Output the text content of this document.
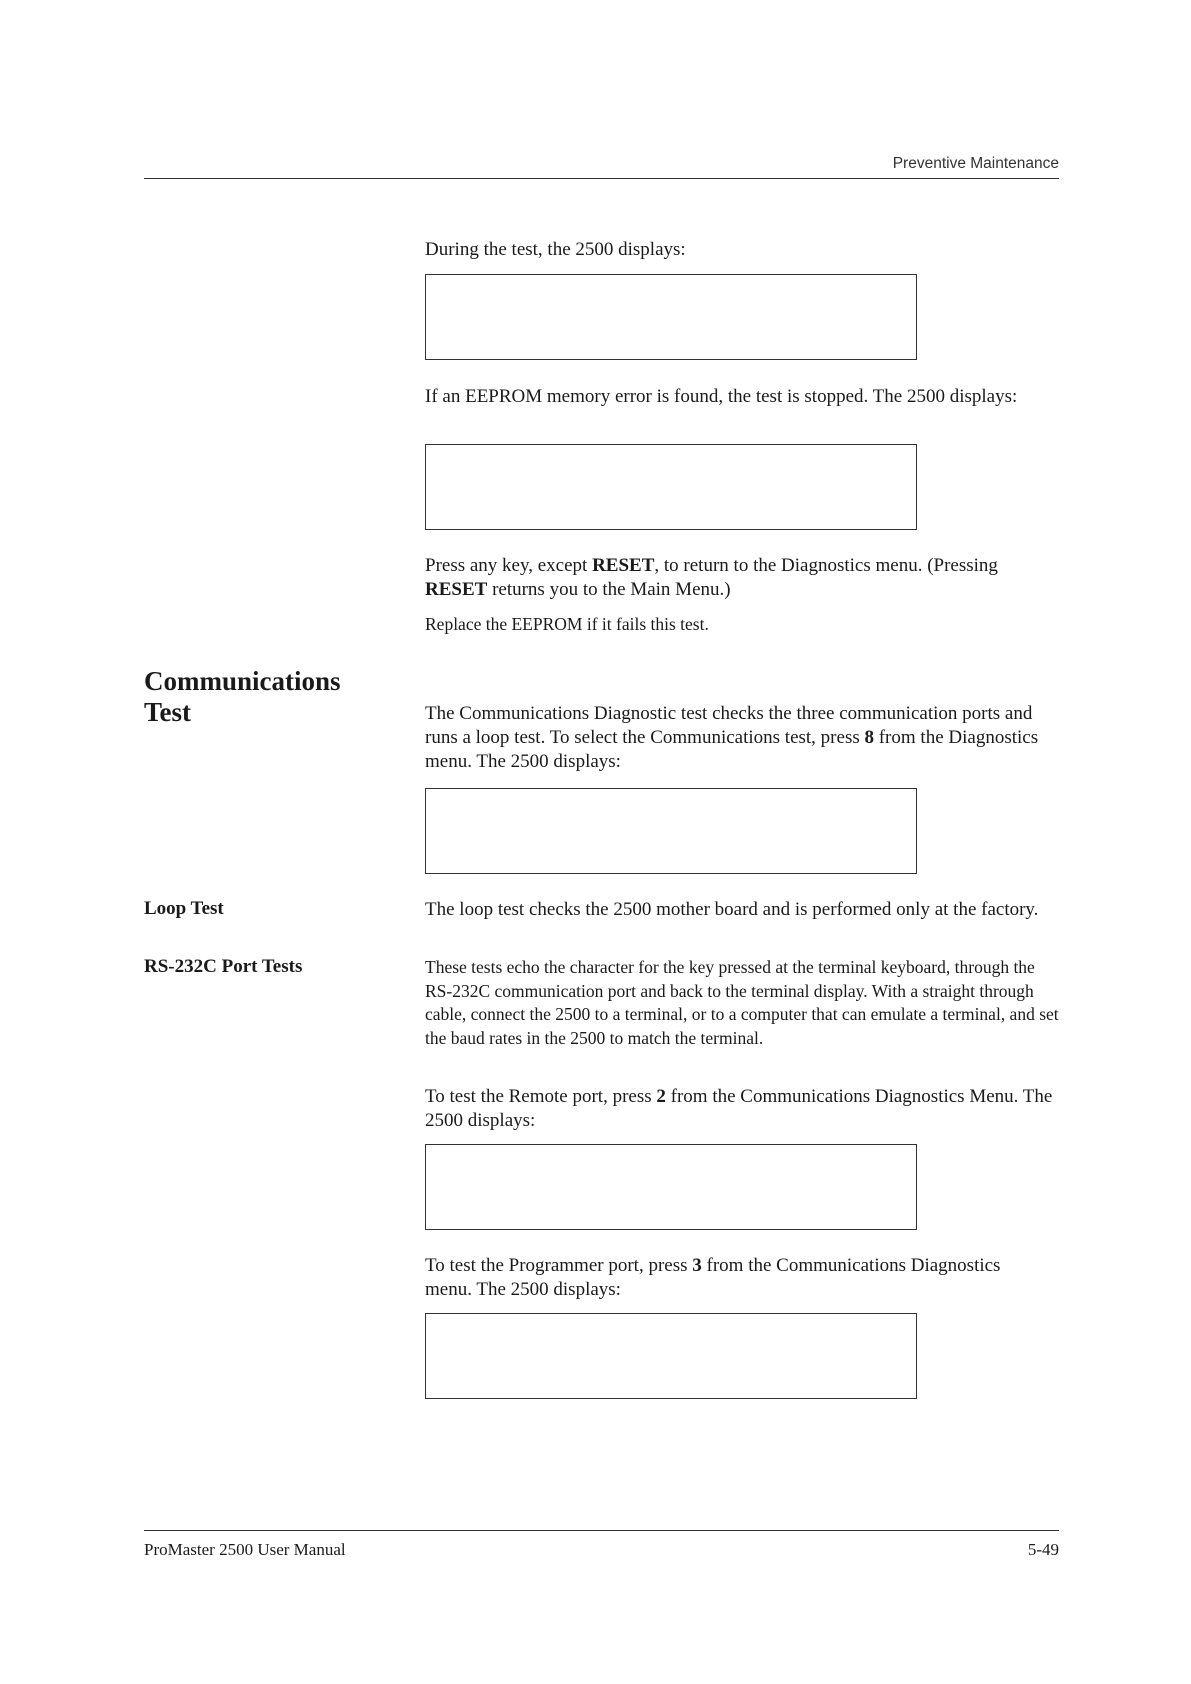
Preventive Maintenance
During the test, the 2500 displays:
If an EEPROM memory error is found, the test is stopped. The 2500 displays:
Press any key, except RESET, to return to the Diagnostics menu. (Pressing RESET returns you to the Main Menu.)
Replace the EEPROM if it fails this test.
Communications
Test	The Communications Diagnostic test checks the three communication ports and runs a loop test. To select the Communications test, press 8 from the Diagnostics menu. The 2500 displays:
Loop Test	The loop test checks the 2500 mother board and is performed only at the factory.
RS-232C Port Tests	These tests echo the character for the key pressed at the terminal keyboard, through the RS-232C communication port and back to the terminal display. With a straight through cable, connect the 2500 to a terminal, or to a computer that can emulate a terminal, and set the baud rates in the 2500 to match the terminal.
To test the Remote port, press 2 from the Communications Diagnostics Menu. The 2500 displays:
To test the Programmer port, press 3 from the Communications Diagnostics menu. The 2500 displays:
ProMaster 2500 User Manual	5-49
